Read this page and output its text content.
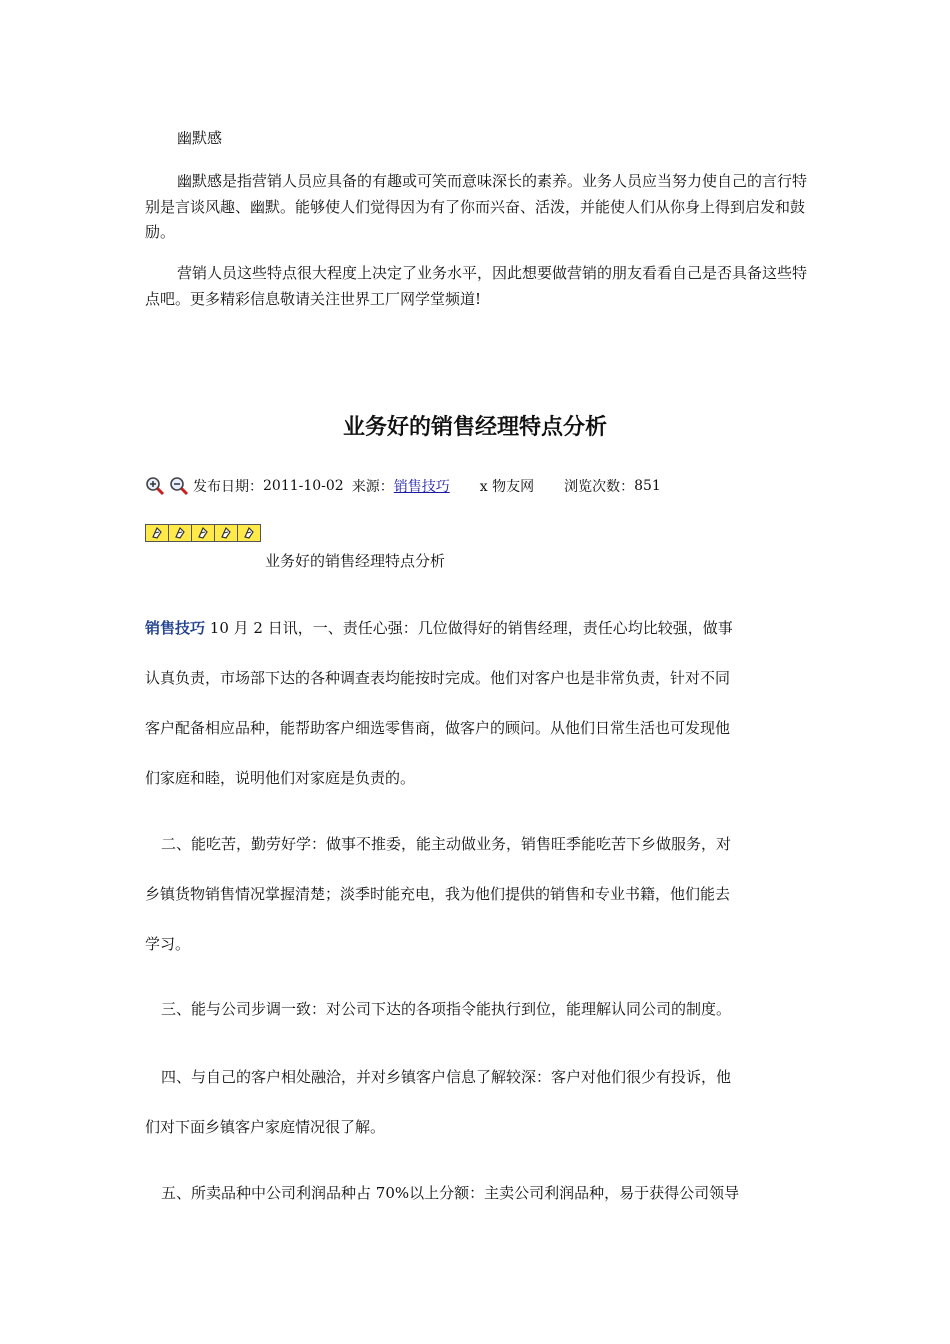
幽默感

幽默感是指营销人员应具备的有趣或可笑而意味深长的素养。业务人员应当努力使自己的言行特别是言谈风趣、幽默。能够使人们觉得因为有了你而兴奋、活泼，并能使人们从你身上得到启发和鼓励。

营销人员这些特点很大程度上决定了业务水平，因此想要做营销的朋友看看自己是否具备这些特点吧。更多精彩信息敬请关注世界工厂网学堂频道!

业务好的销售经理特点分析
发布日期： 2011-10-02 来源： 销售技巧 x 物友网 浏览次数： 851
业务好的销售经理特点分析
销售技巧 10 月 2 日讯，一、责任心强：几位做得好的销售经理，责任心均比较强，做事
认真负责，市场部下达的各种调查表均能按时完成。他们对客户也是非常负责，针对不同
客户配备相应品种，能帮助客户细选零售商，做客户的顾问。从他们日常生活也可发现他
们家庭和睦，说明他们对家庭是负责的。
二、能吃苦，勤劳好学：做事不推委，能主动做业务，销售旺季能吃苦下乡做服务，对
乡镇货物销售情况掌握清楚；淡季时能充电，我为他们提供的销售和专业书籍，他们能去
学习。
三、能与公司步调一致：对公司下达的各项指令能执行到位，能理解认同公司的制度。
四、与自己的客户相处融洽，并对乡镇客户信息了解较深：客户对他们很少有投诉，他
们对下面乡镇客户家庭情况很了解。
五、所卖品种中公司利润品种占 70%以上分额：主卖公司利润品种，易于获得公司领导
